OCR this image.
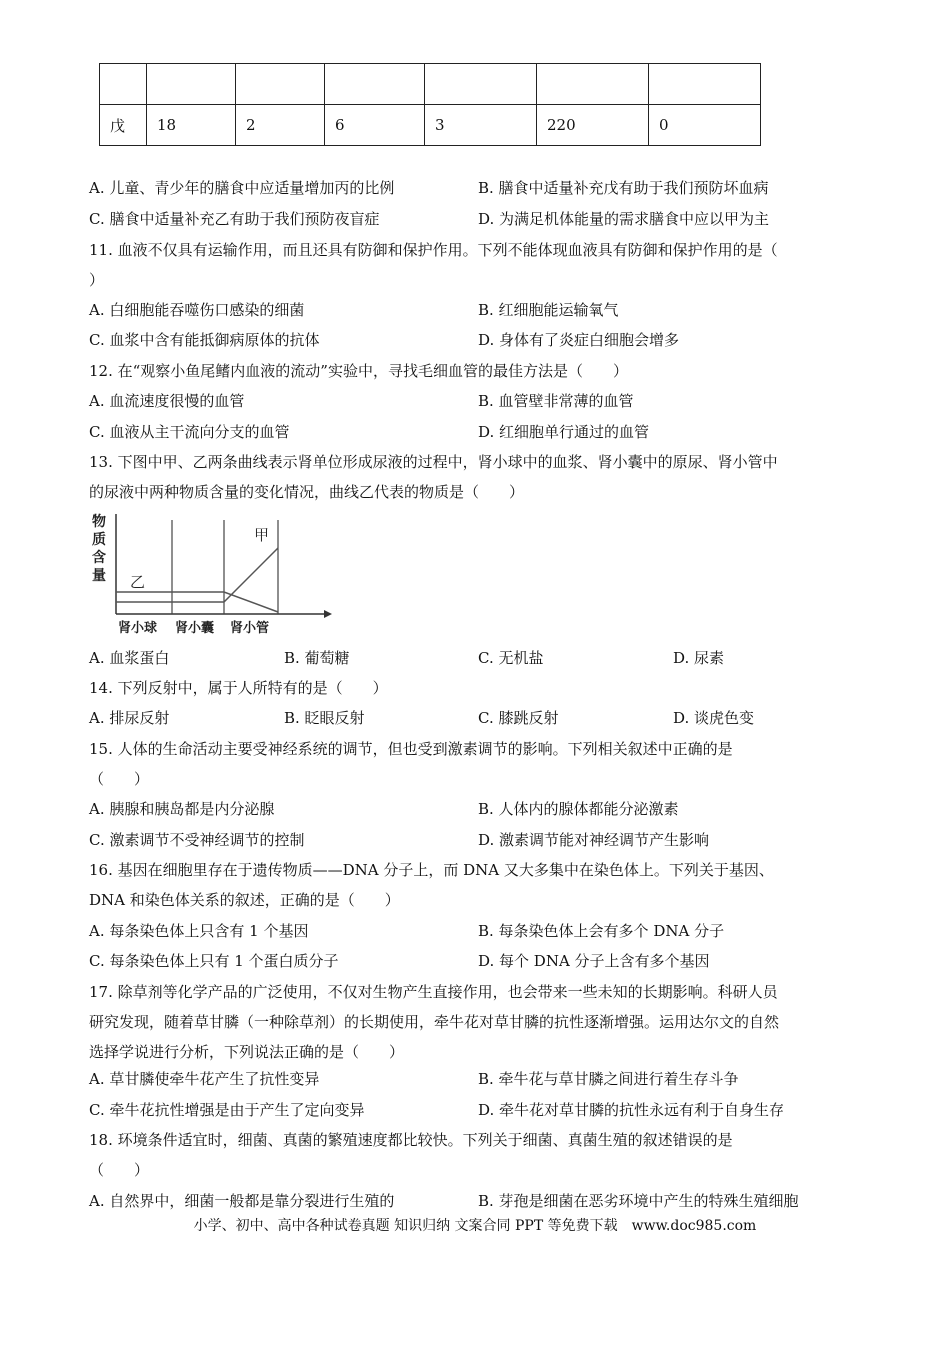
戊	18	2	6	3	220	0
A. 儿童、青少年的膳食中应适量增加丙的比例	B. 膳食中适量补充戊有助于我们预防坏血病
C. 膳食中适量补充乙有助于我们预防夜盲症	D. 为满足机体能量的需求膳食中应以甲为主
11. 血液不仅具有运输作用，而且还具有防御和保护作用。下列不能体现血液具有防御和保护作用的是（
）
A. 白细胞能吞噬伤口感染的细菌	B. 红细胞能运输氧气
C. 血浆中含有能抵御病原体的抗体	D. 身体有了炎症白细胞会增多
12. 在“观察小鱼尾鳍内血液的流动”实验中，寻找毛细血管的最佳方法是（　　）
A. 血流速度很慢的血管	B. 血管壁非常薄的血管
C. 血液从主干流向分支的血管	D. 红细胞单行通过的血管
13. 下图中甲、乙两条曲线表示肾单位形成尿液的过程中，肾小球中的血浆、肾小囊中的原尿、肾小管中
的尿液中两种物质含量的变化情况，曲线乙代表的物质是（　　）
物
质
含
量
甲
乙
肾小球 肾小囊 肾小管
A. 血浆蛋白	B. 葡萄糖	C. 无机盐	D. 尿素
14. 下列反射中，属于人所特有的是（　　）
A. 排尿反射	B. 眨眼反射	C. 膝跳反射	D. 谈虎色变
15. 人体的生命活动主要受神经系统的调节，但也受到激素调节的影响。下列相关叙述中正确的是
（　　）
A. 胰腺和胰岛都是内分泌腺	B. 人体内的腺体都能分泌激素
C. 激素调节不受神经调节的控制	D. 激素调节能对神经调节产生影响
16. 基因在细胞里存在于遗传物质——DNA 分子上，而 DNA 又大多集中在染色体上。下列关于基因、
DNA 和染色体关系的叙述，正确的是（　　）
A. 每条染色体上只含有 1 个基因	B. 每条染色体上会有多个 DNA 分子
C. 每条染色体上只有 1 个蛋白质分子	D. 每个 DNA 分子上含有多个基因
17. 除草剂等化学产品的广泛使用，不仅对生物产生直接作用，也会带来一些未知的长期影响。科研人员
研究发现，随着草甘膦（一种除草剂）的长期使用，牵牛花对草甘膦的抗性逐渐增强。运用达尔文的自然
选择学说进行分析，下列说法正确的是（　　）
A. 草甘膦使牵牛花产生了抗性变异	B. 牵牛花与草甘膦之间进行着生存斗争
C. 牵牛花抗性增强是由于产生了定向变异	D. 牵牛花对草甘膦的抗性永远有利于自身生存
18. 环境条件适宜时，细菌、真菌的繁殖速度都比较快。下列关于细菌、真菌生殖的叙述错误的是
（　　）
A. 自然界中，细菌一般都是靠分裂进行生殖的	B. 芽孢是细菌在恶劣环境中产生的特殊生殖细胞
小学、初中、高中各种试卷真题 知识归纳 文案合同 PPT 等免费下载　www.doc985.com
